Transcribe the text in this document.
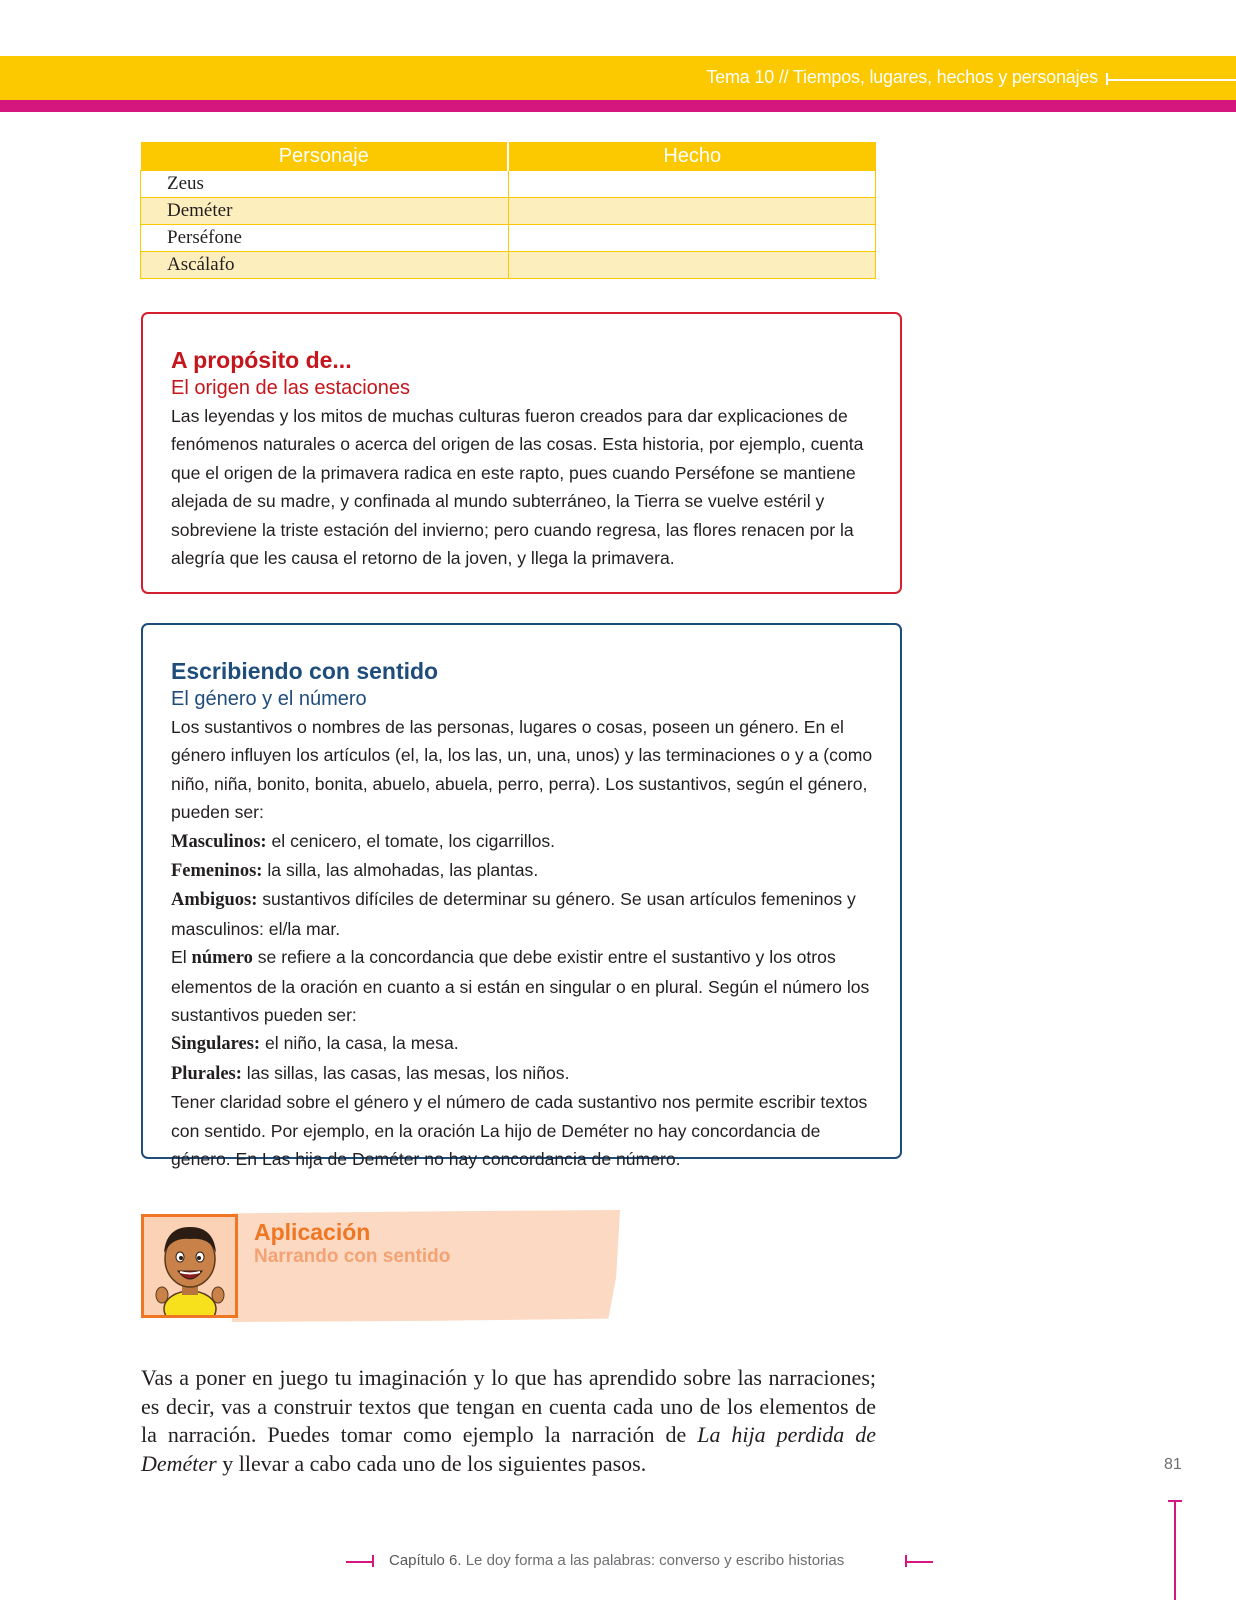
Tema 10 // Tiempos, lugares, hechos y personajes
Personaje	Hecho
Zeus	
Deméter	
Perséfone	
Ascálafo	
A propósito de...
El origen de las estaciones

Las leyendas y los mitos de muchas culturas fueron creados para dar explicaciones de fenómenos naturales o acerca del origen de las cosas. Esta historia, por ejemplo, cuenta que el origen de la primavera radica en este rapto, pues cuando Perséfone se mantiene alejada de su madre, y confinada al mundo subterráneo, la Tierra se vuelve estéril y sobreviene la triste estación del invierno; pero cuando regresa, las flores renacen por la alegría que les causa el retorno de la joven, y llega la primavera.

Escribiendo con sentido
El género y el número

Los sustantivos o nombres de las personas, lugares o cosas, poseen un género. En el género influyen los artículos (el, la, los las, un, una, unos) y las terminaciones o y a (como niño, niña, bonito, bonita, abuelo, abuela, perro, perra). Los sustantivos, según el género, pueden ser:

Masculinos: el cenicero, el tomate, los cigarrillos.

Femeninos: la silla, las almohadas, las plantas.

Ambiguos: sustantivos difíciles de determinar su género. Se usan artículos femeninos y masculinos: el/la mar.

El número se refiere a la concordancia que debe existir entre el sustantivo y los otros elementos de la oración en cuanto a si están en singular o en plural. Según el número los sustantivos pueden ser:

Singulares: el niño, la casa, la mesa.

Plurales: las sillas, las casas, las mesas, los niños.

Tener claridad sobre el género y el número de cada sustantivo nos permite escribir textos con sentido. Por ejemplo, en la oración La hijo de Deméter no hay concordancia de género. En Las hija de Deméter no hay concordancia de número.

Aplicación
Narrando con sentido

Vas a poner en juego tu imaginación y lo que has aprendido sobre las narraciones; es decir, vas a construir textos que tengan en cuenta cada uno de los elementos de la narración. Puedes tomar como ejemplo la narración de La hija perdida de Deméter y llevar a cabo cada uno de los siguientes pasos.	81
Capítulo 6. Le doy forma a las palabras: converso y escribo historias
